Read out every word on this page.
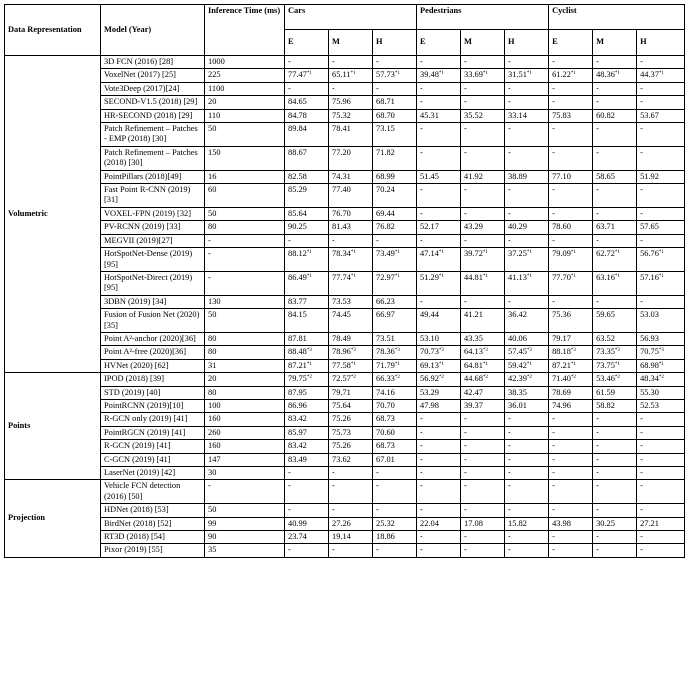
Data Representation	Model (Year)	Inference Time (ms)	Cars			Pedestrians			Cyclist		
			E	M	H	E	M	H	E	M	H
Volumetric	3D FCN (2016) [28]	1000	-	-	-	-	-	-	-	-	-
	VoxelNet (2017) [25]	225	77.47$^{*1}$	65.11$^{*1}$	57.73$^{*1}$	39.48$^{*1}$	33.69$^{*1}$	31.51$^{*1}$	61.22$^{*1}$	48.36$^{*1}$	44.37$^{*1}$
	Vote3Deep (2017)[24]	1100	-	-	-	-	-	-	-	-	-
	SECOND-V1.5 (2018) [29]	20	84.65	75.96	68.71	-	-	-	-	-	-
	HR-SECOND (2018) [29]	110	84.78	75.32	68.70	45.31	35.52	33.14	75.83	60.82	53.67
	Patch Refinement – Patches - EMP (2018) [30]	50	89.84	78.41	73.15	-	-	-	-	-	-
	Patch Refinement – Patches (2018) [30]	150	88.67	77.20	71.82	-	-	-	-	-	-
	PointPillars (2018)[49]	16	82.58	74.31	68.99	51.45	41.92	38.89	77.10	58.65	51.92
	Fast Point R-CNN (2019) [31]	60	85.29	77.40	70.24	-	-	-	-	-	-
	VOXEL-FPN (2019) [32]	50	85.64	76.70	69.44	-	-	-	-	-	-
	PV-RCNN (2019) [33]	80	90.25	81.43	76.82	52.17	43.29	40.29	78.60	63.71	57.65
	MEGVII (2019)[27]	-	-	-	-	-	-	-	-	-	-
	HotSpotNet-Dense (2019)[95]	-	88.12$^{*1}$	78.34$^{*1}$	73.49$^{*1}$	47.14$^{*1}$	39.72$^{*1}$	37.25$^{*1}$	79.09$^{*1}$	62.72$^{*1}$	56.76$^{*1}$
	HotSpotNet-Direct (2019)[95]	-	86.49$^{*1}$	77.74$^{*1}$	72.97$^{*1}$	51.29$^{*1}$	44.81$^{*1}$	41.13$^{*1}$	77.70$^{*1}$	63.16$^{*1}$	57.16$^{*1}$
	3DBN (2019) [34]	130	83.77	73.53	66.23	-	-	-	-	-	-
	Fusion of Fusion Net (2020) [35]	50	84.15	74.45	66.97	49.44	41.21	36.42	75.36	59.65	53.03
	Point A²-anchor (2020)[36]	80	87.81	78.49	73.51	53.10	43.35	40.06	79.17	63.52	56.93
	Point A²-free (2020)[36]	80	88.48$^{*3}$	78.96$^{*3}$	78.36$^{*3}$	70.73$^{*3}$	64.13$^{*3}$	57.45$^{*3}$	88.18$^{*3}$	73.35$^{*3}$	70.75$^{*3}$
	HVNet (2020) [62]	31	87.21$^{*1}$	77.58$^{*1}$	71.79$^{*1}$	69.13$^{*1}$	64.81$^{*1}$	59.42$^{*1}$	87.21$^{*1}$	73.75$^{*1}$	68.98$^{*1}$
Points	IPOD (2018) [39]	20	79.75$^{*2}$	72.57$^{*2}$	66.33$^{*2}$	56.92$^{*2}$	44.68$^{*2}$	42.39$^{*2}$	71.40$^{*2}$	53.46$^{*2}$	48.34$^{*2}$
	STD (2019) [40]	80	87.95	79.71	74.16	53.29	42.47	38.35	78.69	61.59	55.30
	PointRCNN (2019)[10]	100	86.96	75.64	70.70	47.98	39.37	36.01	74.96	58.82	52.53
	R-GCN only (2019) [41]	160	83.42	75.26	68.73	-	-	-	-	-	-
	PointRGCN (2019) [41]	260	85.97	75.73	70.60	-	-	-	-	-	-
	R-GCN (2019) [41]	160	83.42	75.26	68.73	-	-	-	-	-	-
	C-GCN (2019) [41]	147	83.49	73.62	67.01	-	-	-	-	-	-
	LaserNet (2019) [42]	30	-	-	-	-	-	-	-	-	-
Projection	Vehicle FCN detection (2016) [50]	-	-	-	-	-	-	-	-	-	-
	HDNet (2018) [53]	50	-	-	-	-	-	-	-	-	-
	BirdNet (2018) [52]	99	40.99	27.26	25.32	22.04	17.08	15.82	43.98	30.25	27.21
	RT3D (2018) [54]	90	23.74	19.14	18.86	-	-	-	-	-	-
	Pixor (2019) [55]	35	-	-	-	-	-	-	-	-	-
